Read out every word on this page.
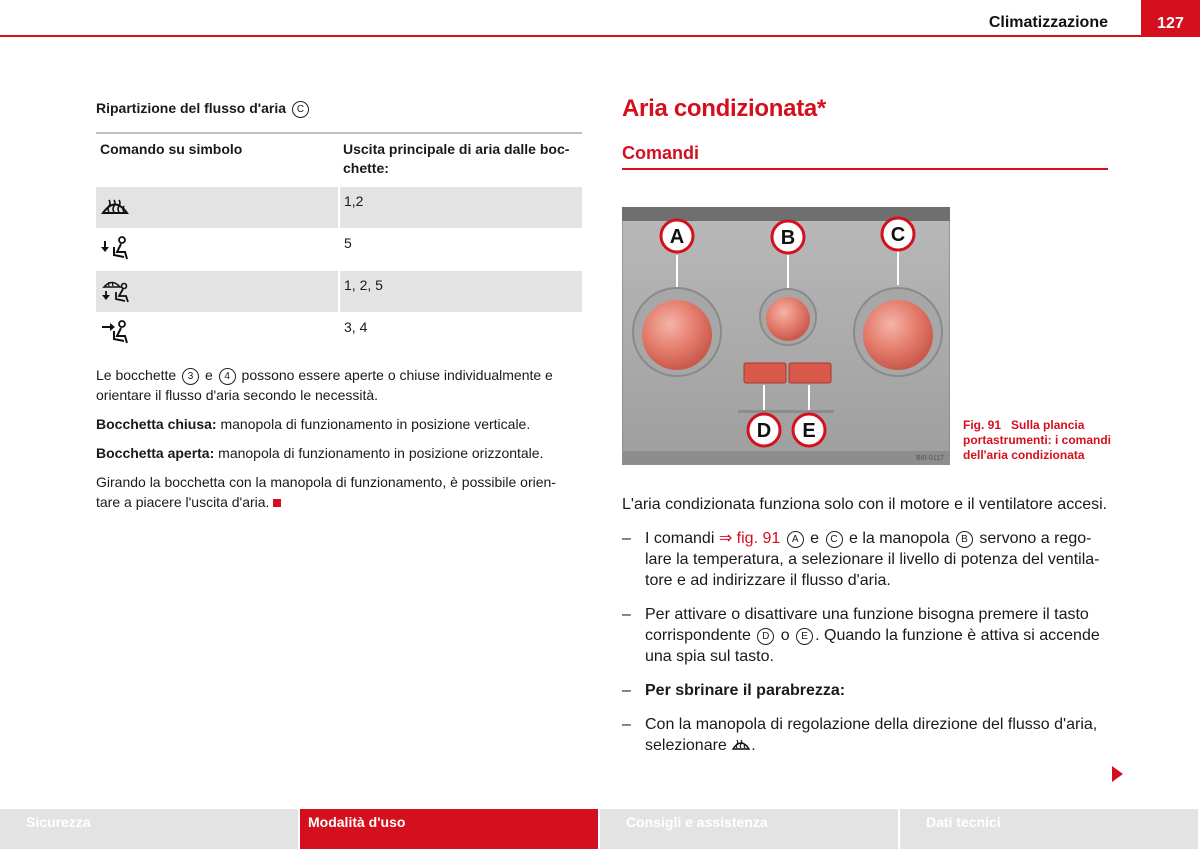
Climatizzazione	127
Ripartizione del flusso d'aria C
Comando su simbolo	Uscita principale di aria dalle boc- chette:
	1,2
	5
	1, 2, 5
	3, 4

Le bocchette 3 e 4 possono essere aperte o chiuse individualmente e orientare il flusso d'aria secondo le necessità.

Bocchetta chiusa: manopola di funzionamento in posizione verticale.

Bocchetta aperta: manopola di funzionamento in posizione orizzontale.

Girando la bocchetta con la manopola di funzionamento, è possibile orien- tare a piacere l'uscita d'aria.

Aria condizionata*
Comandi
A	B	C
D E
B6I-0117
Fig. 91 Sulla plancia portastrumenti: i comandi dell'aria condizionata

L'aria condizionata funziona solo con il motore e il ventilatore accesi.

– I comandi ⇒ fig. 91 A e C e la manopola B servono a rego- lare la temperatura, a selezionare il livello di potenza del ventila- tore e ad indirizzare il flusso d'aria.

– Per attivare o disattivare una funzione bisogna premere il tasto corrispondente D o E . Quando la funzione è attiva si accende una spia sul tasto.

– Per sbrinare il parabrezza:

– Con la manopola di regolazione della direzione del flusso d'aria, selezionare .

Sicurezza	Modalità d'uso	Consigli e assistenza	Dati tecnici
